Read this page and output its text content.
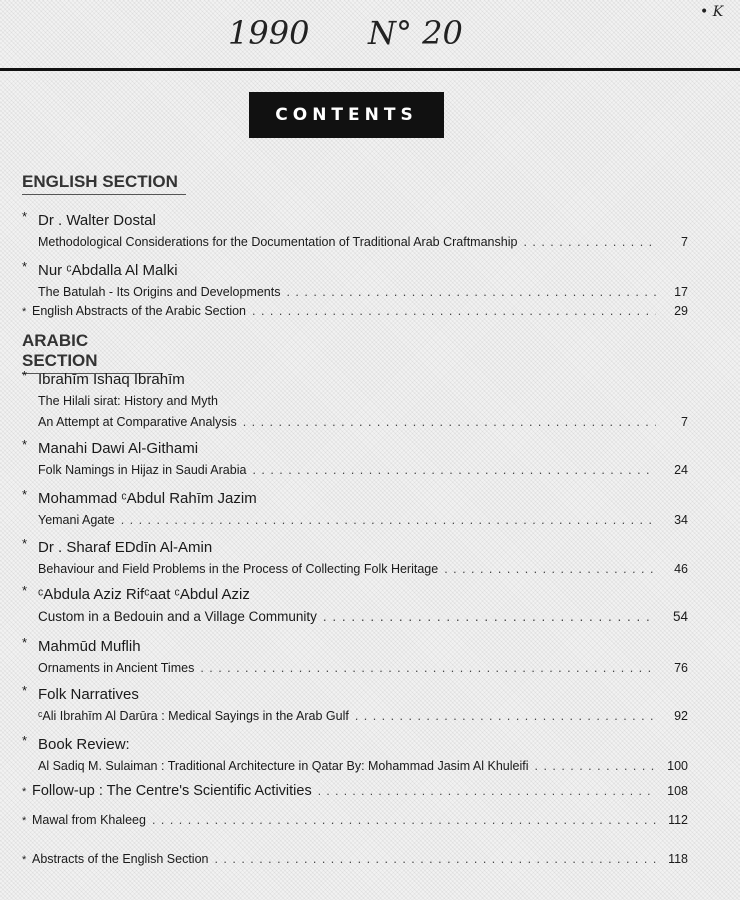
1990 N° 20
• K
CONTENTS
ENGLISH SECTION
* Dr . Walter Dostal
Methodological Considerations for the Documentation of Traditional Arab Craftmanship . . .	7
* Nur ᶜAbdalla Al Malki
The Batulah - Its Origins and Developments . . .	17
* English Abstracts of the Arabic Section . . .	29
ARABIC SECTION
* Ibrahīm Ishaq Ibrahīm
The Hilali sirat: History and Myth
An Attempt at Comparative Analysis . . .	7
* Manahi Dawi Al-Githami
Folk Namings in Hijaz in Saudi Arabia . . .	24
* Mohammad ᶜAbdul Rahīm Jazim
Yemani Agate . . .	34
* Dr . Sharaf EDdīn Al-Amin
Behaviour and Field Problems in the Process of Collecting Folk Heritage . . .	46
* ᶜAbdula Aziz Rifᶜaat ᶜAbdul Aziz
Custom in a Bedouin and a Village Community . . .	54
* Mahmūd Muflih
Ornaments in Ancient Times . . .	76
* Folk Narratives
ᶜAli Ibrahīm Al Darūra : Medical Sayings in the Arab Gulf . . .	92
* Book Review:
Al Sadiq M. Sulaiman : Traditional Architecture in Qatar By: Mohammad Jasim Al Khuleifi . . .	100
* Follow-up : The Centre's Scientific Activities . . .	108
* Mawal from Khaleeg . . .	112
* Abstracts of the English Section . . .	118
